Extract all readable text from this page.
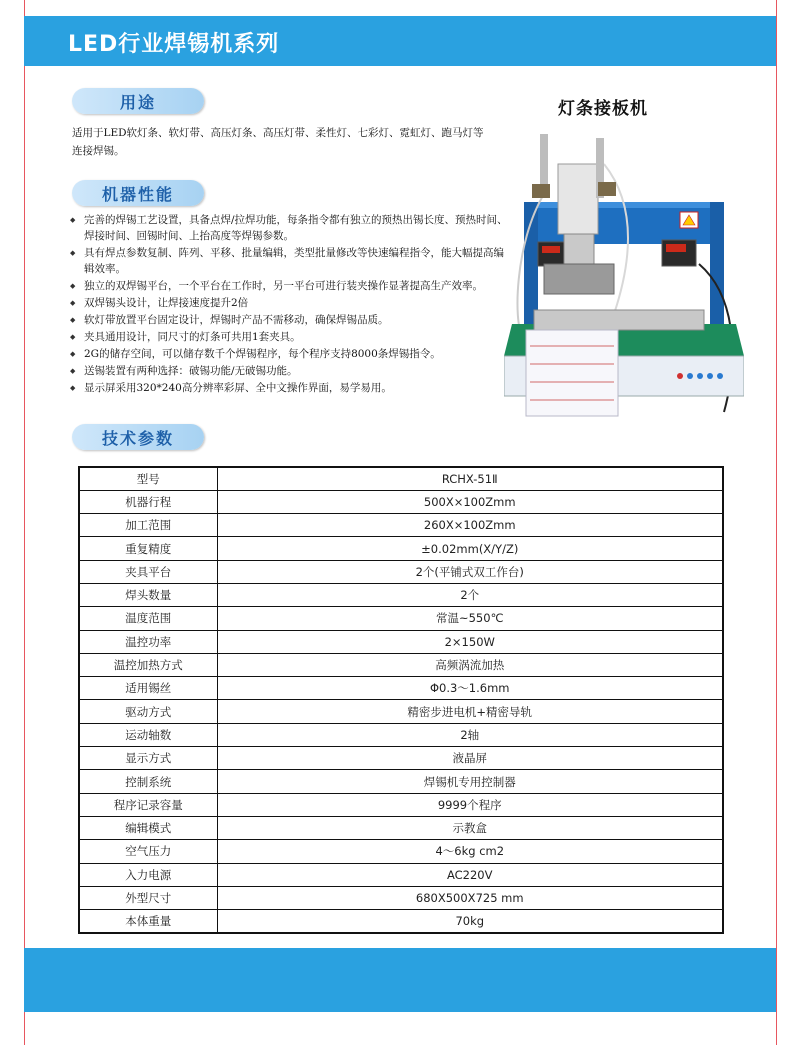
LED行业焊锡机系列
用途
适用于LED软灯条、软灯带、高压灯条、高压灯带、柔性灯、七彩灯、霓虹灯、跑马灯等连接焊锡。
机器性能
◆ 完善的焊锡工艺设置，具备点焊/拉焊功能，每条指令都有独立的预热出锡长度、预热时间、焊接时间、回锡时间、上抬高度等焊锡参数。
◆ 具有焊点参数复制、阵列、平移、批量编辑，类型批量修改等快速编程指令，能大幅提高编辑效率。
◆ 独立的双焊锡平台，一个平台在工作时，另一平台可进行装夹操作显著提高生产效率。
◆ 双焊锡头设计，让焊接速度提升2倍
◆ 软灯带放置平台固定设计，焊锡时产品不需移动，确保焊锡品质。
◆ 夹具通用设计，同尺寸的灯条可共用1套夹具。
◆ 2G的储存空间，可以储存数千个焊锡程序，每个程序支持8000条焊锡指令。
◆ 送锡装置有两种选择：破锡功能/无破锡功能。
◆ 显示屏采用320*240高分辨率彩屏、全中文操作界面，易学易用。
灯条接板机
技术参数
型号	RCHX-51Ⅱ
机器行程	500X×100Zmm
加工范围	260X×100Zmm
重复精度	±0.02mm(X/Y/Z)
夹具平台	2个(平铺式双工作台)
焊头数量	2个
温度范围	常温~550℃
温控功率	2×150W
温控加热方式	高频涡流加热
适用锡丝	Φ0.3～1.6mm
驱动方式	精密步进电机+精密导轨
运动轴数	2轴
显示方式	液晶屏
控制系统	焊锡机专用控制器
程序记录容量	9999个程序
编辑模式	示教盒
空气压力	4～6kg cm2
入力电源	AC220V
外型尺寸	680X500X725 mm
本体重量	70kg
